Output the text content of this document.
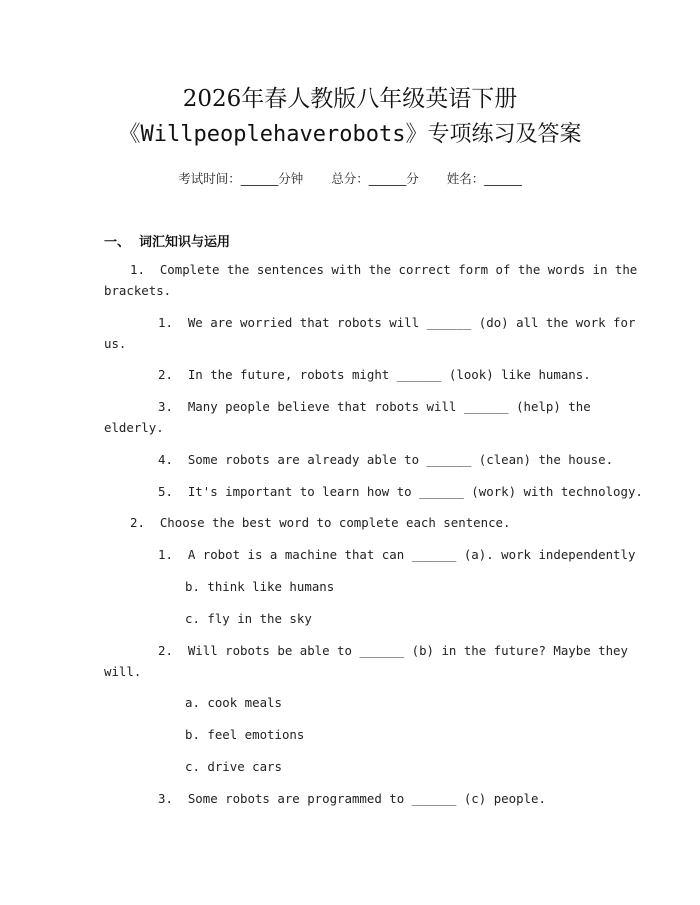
2026年春人教版八年级英语下册
《Willpeoplehaverobots》专项练习及答案
考试时间：______分钟 总分：______分 姓名：______
一、  词汇知识与运用
1.  Complete the sentences with the correct form of the words in the
brackets.
1.  We are worried that robots will ______ (do) all the work for
us.
2.  In the future, robots might ______ (look) like humans.
3.  Many people believe that robots will ______ (help) the
elderly.
4.  Some robots are already able to ______ (clean) the house.
5.  It's important to learn how to ______ (work) with technology.
2.  Choose the best word to complete each sentence.
1.  A robot is a machine that can ______ (a). work independently
b. think like humans
c. fly in the sky
2.  Will robots be able to ______ (b) in the future? Maybe they
will.
a. cook meals
b. feel emotions
c. drive cars
3.  Some robots are programmed to ______ (c) people.
